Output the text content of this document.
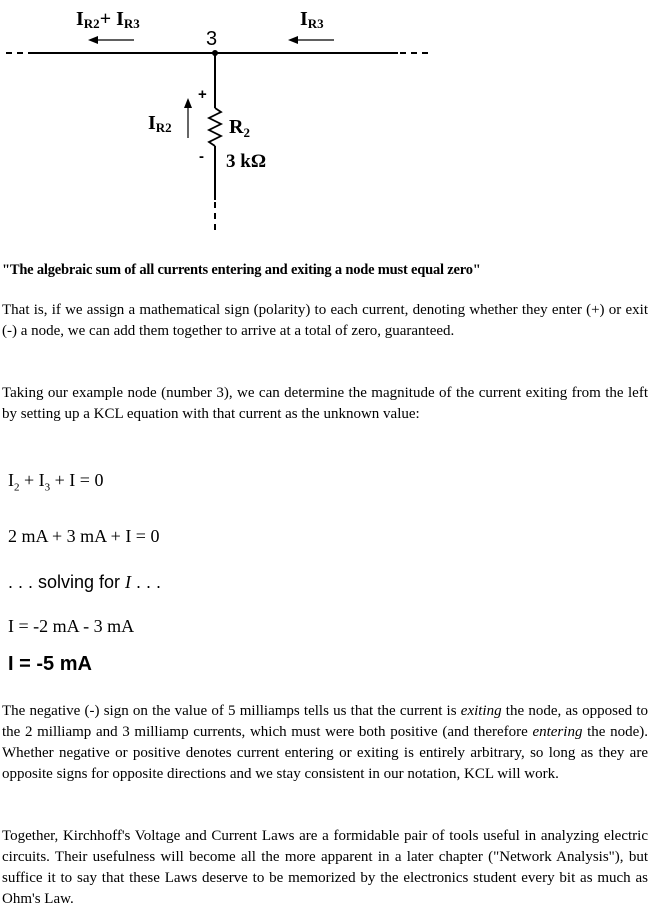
IR2+ IR3
3
IR3
IR2
+
-
$R_2$
3 kΩ
"The algebraic sum of all currents entering and exiting a node must equal zero"
That is, if we assign a mathematical sign (polarity) to each current, denoting whether they enter (+) or exit (-) a node, we can add them together to arrive at a total of zero, guaranteed.
Taking our example node (number 3), we can determine the magnitude of the current exiting from the left by setting up a KCL equation with that current as the unknown value:
$I_2 + I_3 + I = 0$
2 mA + 3 mA + I = 0
. . . solving for I . . .
I = -2 mA - 3 mA
I = -5 mA
The negative (-) sign on the value of 5 milliamps tells us that the current is exiting the node, as opposed to the 2 milliamp and 3 milliamp currents, which must were both positive (and therefore entering the node). Whether negative or positive denotes current entering or exiting is entirely arbitrary, so long as they are opposite signs for opposite directions and we stay consistent in our notation, KCL will work.
Together, Kirchhoff's Voltage and Current Laws are a formidable pair of tools useful in analyzing electric circuits. Their usefulness will become all the more apparent in a later chapter ("Network Analysis"), but suffice it to say that these Laws deserve to be memorized by the electronics student every bit as much as Ohm's Law.
